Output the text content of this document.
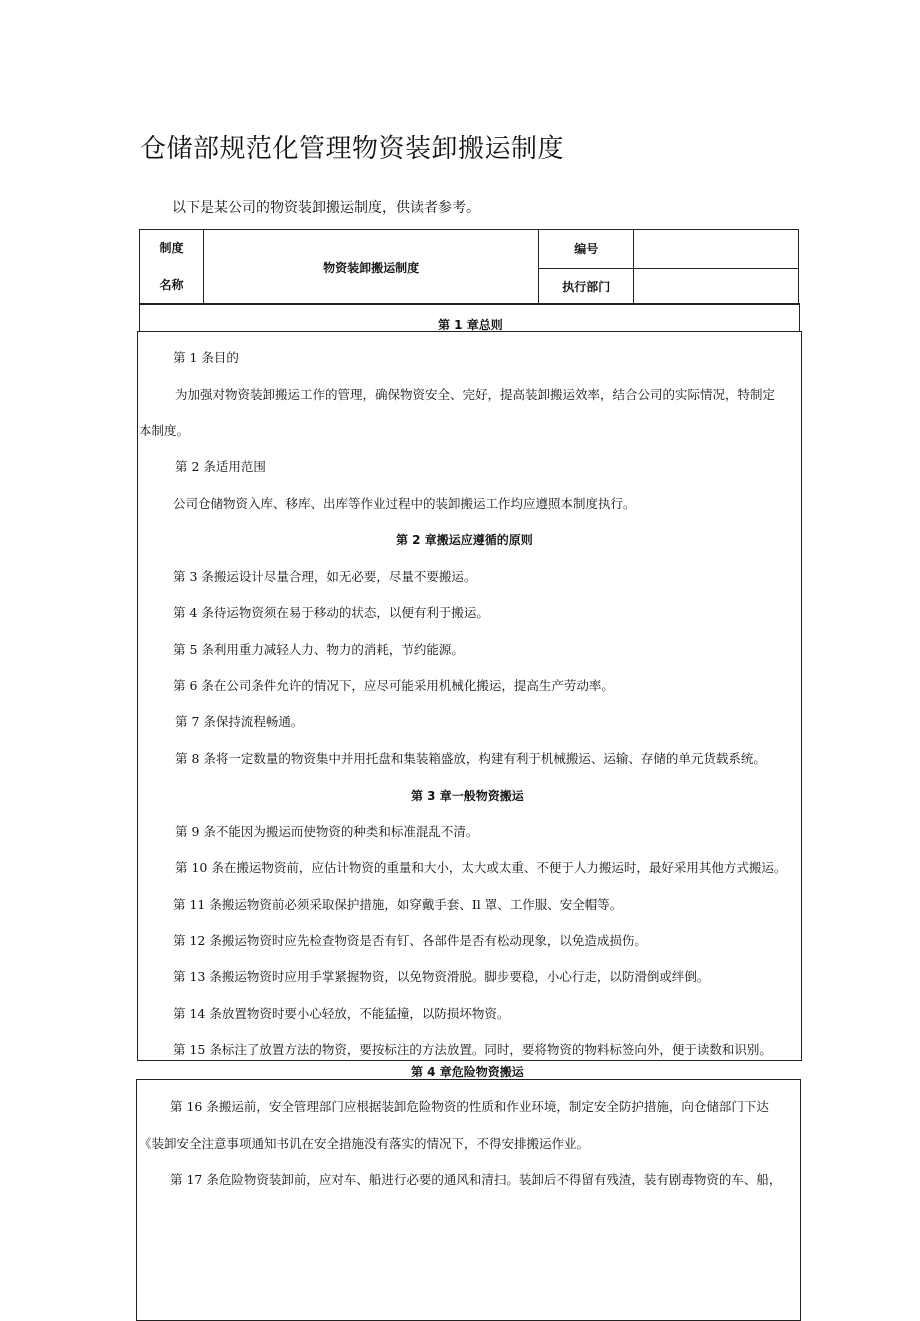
仓储部规范化管理物资装卸搬运制度

以下是某公司的物资装卸搬运制度，供读者参考。

制度
名称	物资装卸搬运制度	编号	
		执行部门	
第 1 章总则

第 1 条目的

为加强对物资装卸搬运工作的管理，确保物资安全、完好，提高装卸搬运效率，结合公司的实际情况，特制定

本制度。

第 2 条适用范围

公司仓储物资入库、移库、出库等作业过程中的装卸搬运工作均应遵照本制度执行。

第 2 章搬运应遵循的原则

第 3 条搬运设计尽量合理，如无必要，尽量不要搬运。

第 4 条待运物资须在易于移动的状态，以便有利于搬运。

第 5 条利用重力减轻人力、物力的消耗，节约能源。

第 6 条在公司条件允许的情况下，应尽可能采用机械化搬运，提高生产劳动率。

第 7 条保持流程畅通。

第 8 条将一定数量的物资集中并用托盘和集装箱盛放，构建有利于机械搬运、运输、存储的单元货载系统。

第 3 章一般物资搬运

第 9 条不能因为搬运而使物资的种类和标准混乱不清。

第 10 条在搬运物资前，应估计物资的重量和大小，太大或太重、不便于人力搬运时，最好采用其他方式搬运。

第 11 条搬运物资前必须采取保护措施，如穿戴手套、Il 罩、工作服、安全帽等。

第 12 条搬运物资时应先检查物资是否有钉、各部件是否有松动现象，以免造成损伤。

第 13 条搬运物资时应用手掌紧握物资，以免物资滑脱。脚步要稳，小心行走，以防滑倒或绊倒。

第 14 条放置物资时要小心轻放，不能猛撞，以防损坏物资。

第 15 条标注了放置方法的物资，要按标注的方法放置。同时，要将物资的物料标签向外，便于读数和识别。

第 4 章危险物资搬运

第 16 条搬运前，安全管理部门应根据装卸危险物资的性质和作业环境，制定安全防护措施，向仓储部门下达

《装卸安全注意事项通知书讥在安全措施没有落实的情况下，不得安排搬运作业。

第 17 条危险物资装卸前，应对车、船进行必要的通风和清扫。装卸后不得留有残渣，装有剧毒物资的车、船，
